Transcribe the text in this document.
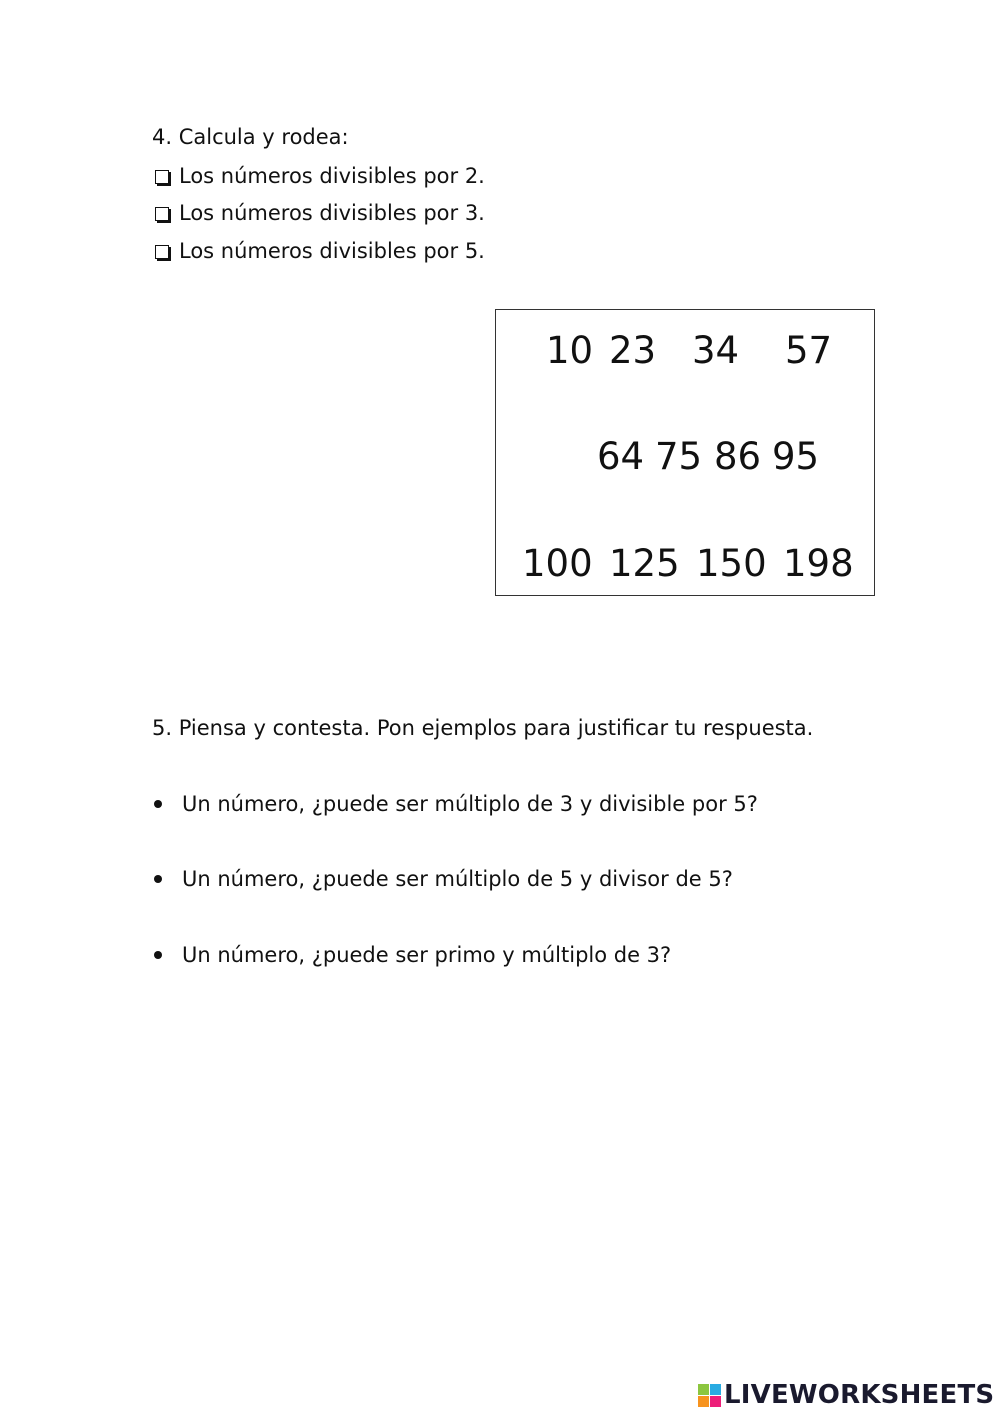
4. Calcula y rodea:
Los números divisibles por 2.
Los números divisibles por 3.
Los números divisibles por 5.
10 23 34 57
64 75 86 95
100 125 150 198
5. Piensa y contesta. Pon ejemplos para justificar tu respuesta.
Un número, ¿puede ser múltiplo de 3 y divisible por 5?
Un número, ¿puede ser múltiplo de 5 y divisor de 5?
Un número, ¿puede ser primo y múltiplo de 3?
LIVEWORKSHEETS
